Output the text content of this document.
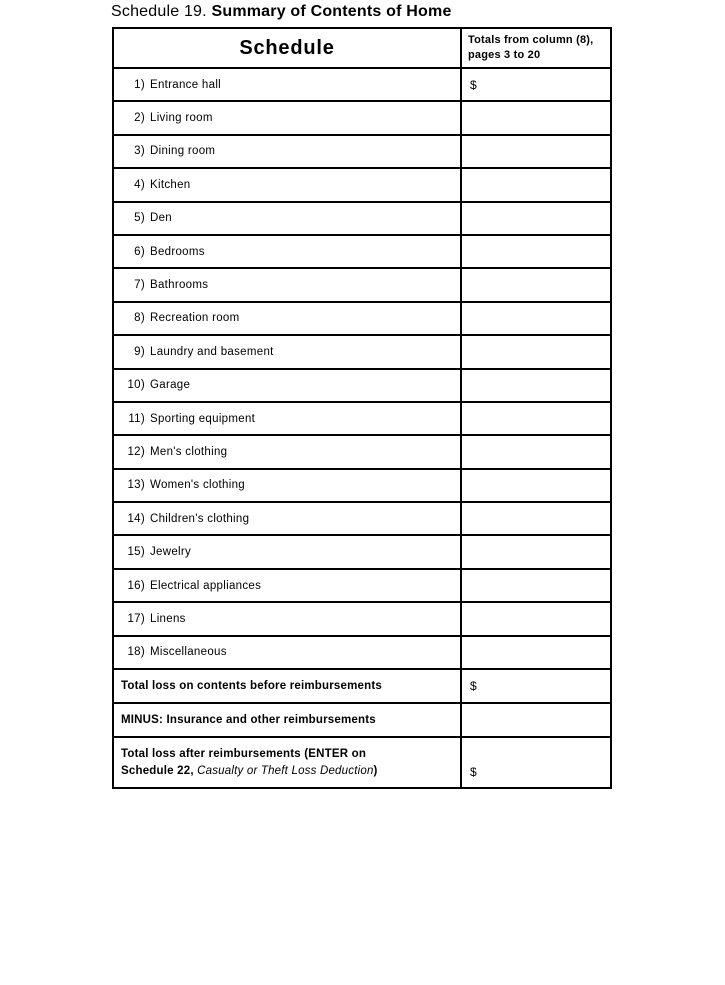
Schedule 19. Summary of Contents of Home
Schedule	Totals from column (8), pages 3 to 20
1) Entrance hall	$
2) Living room	
3) Dining room	
4) Kitchen	
5) Den	
6) Bedrooms	
7) Bathrooms	
8) Recreation room	
9) Laundry and basement	
10) Garage	
11) Sporting equipment	
12) Men's clothing	
13) Women's clothing	
14) Children's clothing	
15) Jewelry	
16) Electrical appliances	
17) Linens	
18) Miscellaneous	
Total loss on contents before reimbursements	$
MINUS: Insurance and other reimbursements	
Total loss after reimbursements (ENTER on
Schedule 22, Casualty or Theft Loss Deduction)	$
